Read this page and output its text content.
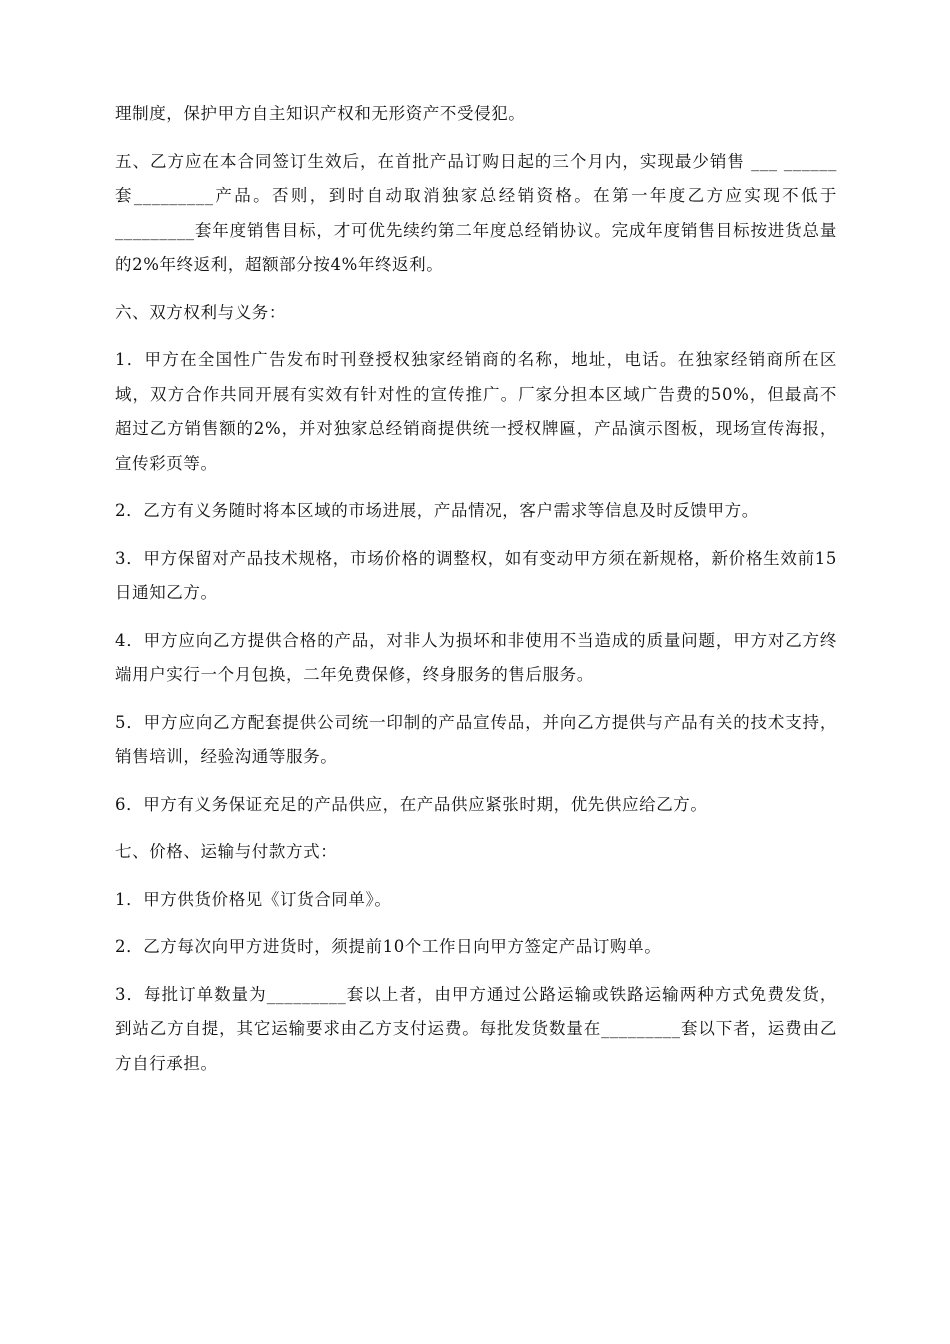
理制度，保护甲方自主知识产权和无形资产不受侵犯。

五、乙方应在本合同签订生效后，在首批产品订购日起的三个月内，实现最少销售 ___ ______套_________产品。否则，到时自动取消独家总经销资格。在第一年度乙方应实现不低于_________套年度销售目标，才可优先续约第二年度总经销协议。完成年度销售目标按进货总量的2%年终返利，超额部分按4%年终返利。

六、双方权利与义务：

1．甲方在全国性广告发布时刊登授权独家经销商的名称，地址，电话。在独家经销商所在区域，双方合作共同开展有实效有针对性的宣传推广。厂家分担本区域广告费的50%，但最高不超过乙方销售额的2%，并对独家总经销商提供统一授权牌匾，产品演示图板，现场宣传海报，宣传彩页等。

2．乙方有义务随时将本区域的市场进展，产品情况，客户需求等信息及时反馈甲方。

3．甲方保留对产品技术规格，市场价格的调整权，如有变动甲方须在新规格，新价格生效前15日通知乙方。

4．甲方应向乙方提供合格的产品，对非人为损坏和非使用不当造成的质量问题，甲方对乙方终端用户实行一个月包换，二年免费保修，终身服务的售后服务。

5．甲方应向乙方配套提供公司统一印制的产品宣传品，并向乙方提供与产品有关的技术支持，销售培训，经验沟通等服务。

6．甲方有义务保证充足的产品供应，在产品供应紧张时期，优先供应给乙方。

七、价格、运输与付款方式：

1．甲方供货价格见《订货合同单》。

2．乙方每次向甲方进货时，须提前10个工作日向甲方签定产品订购单。

3．每批订单数量为_________套以上者，由甲方通过公路运输或铁路运输两种方式免费发货，到站乙方自提，其它运输要求由乙方支付运费。每批发货数量在_________套以下者，运费由乙方自行承担。
